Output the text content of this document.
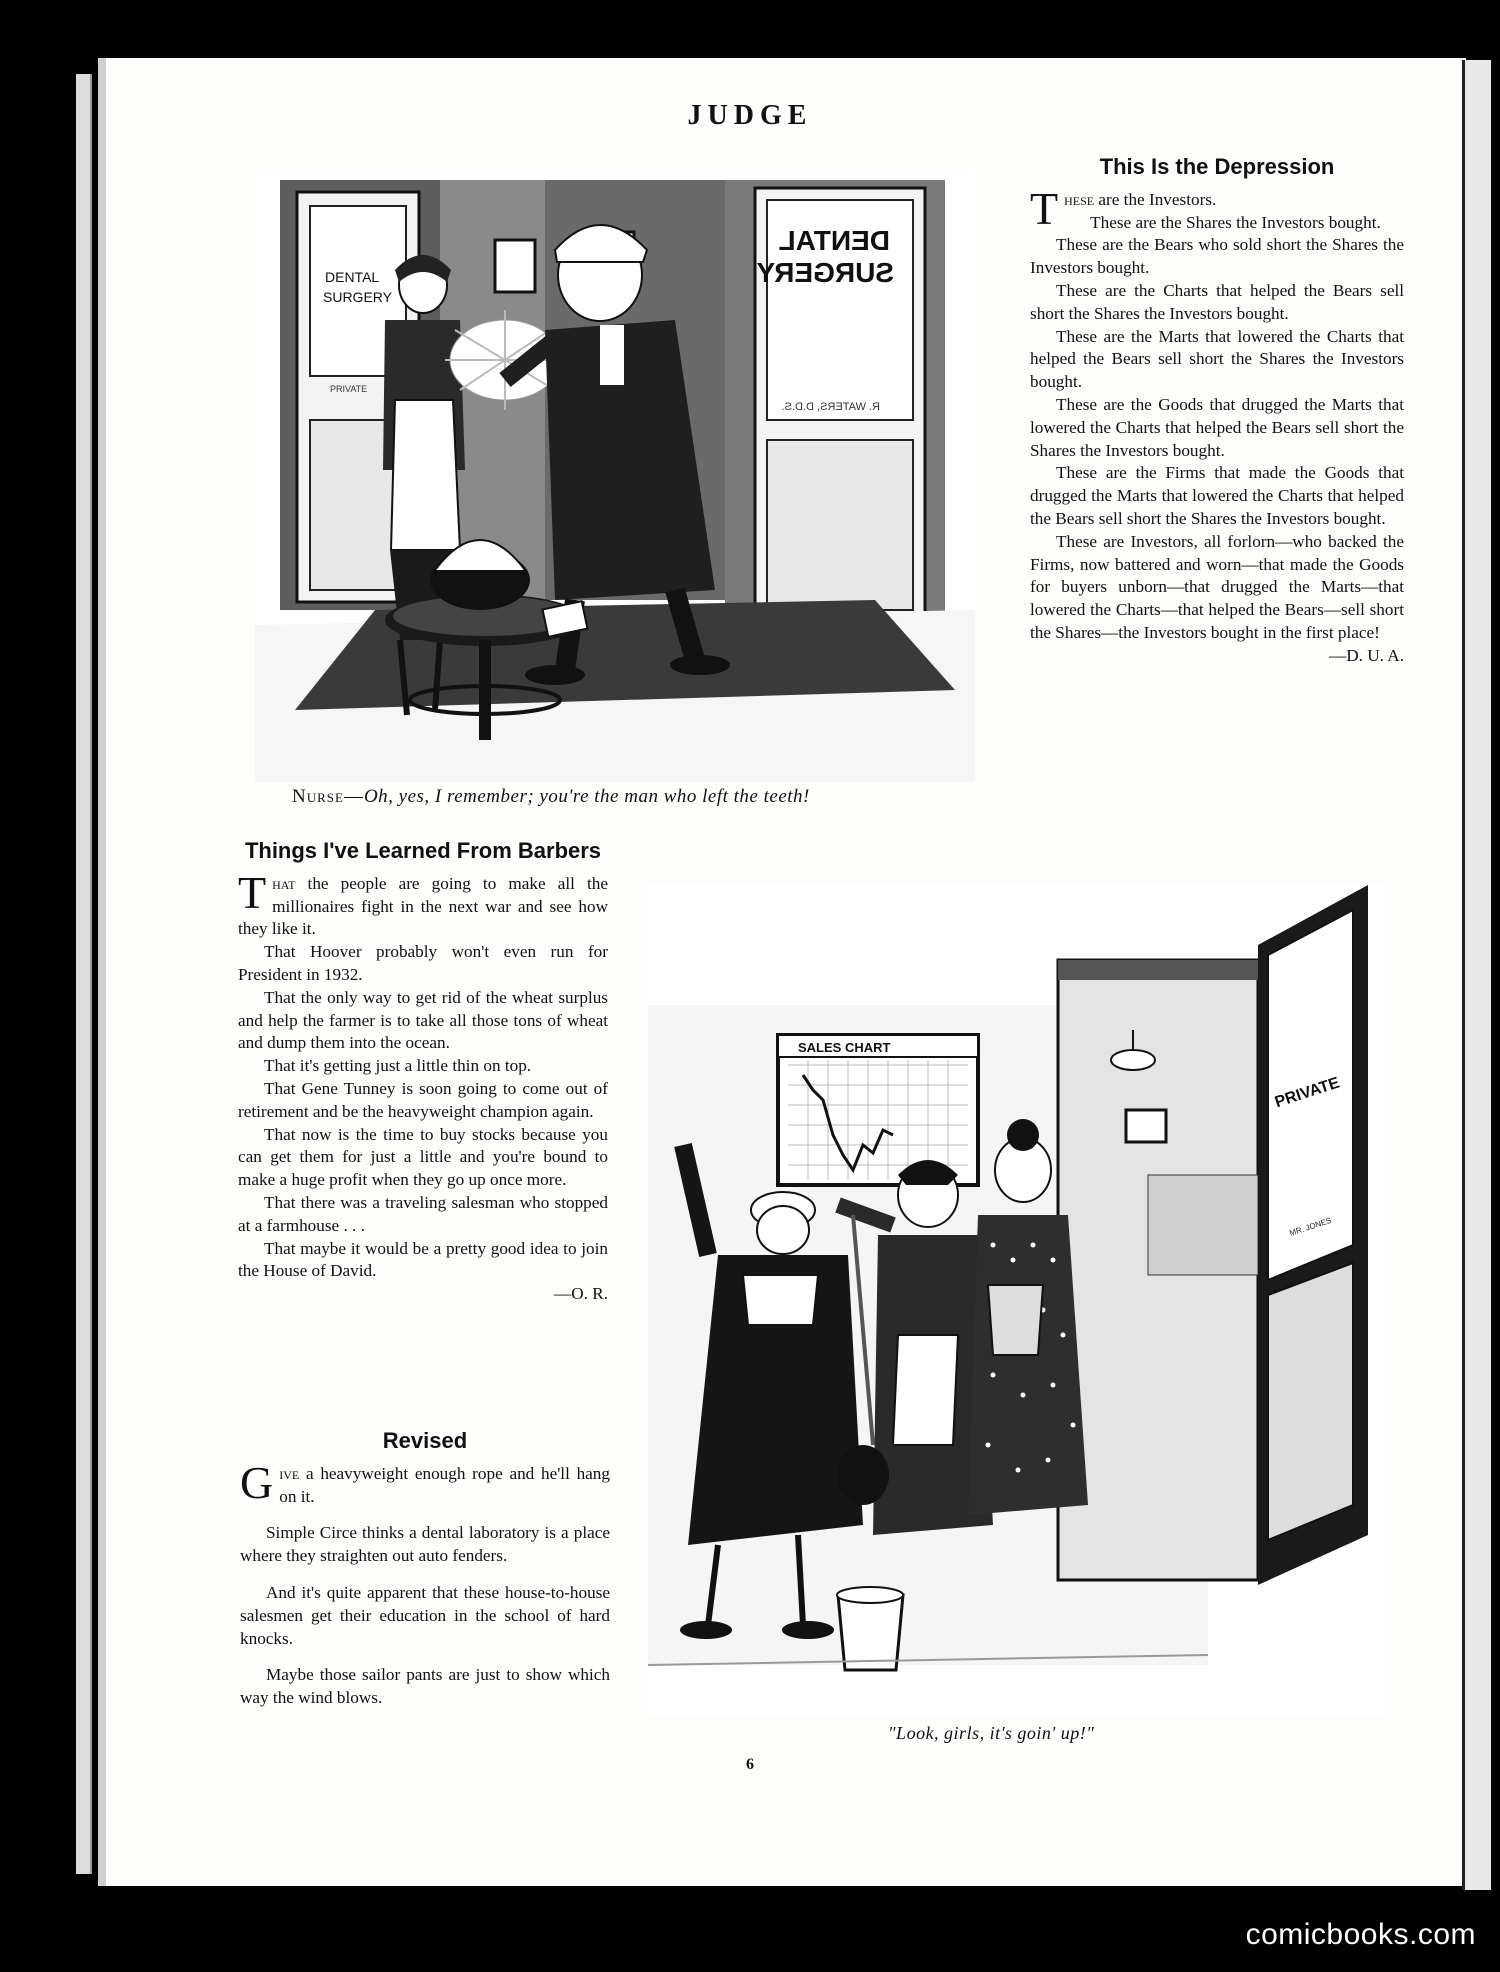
JUDGE
DENTAL
SURGERY
PRIVATE
DENTAL
SURGERY
R. WATERS, D.D.S.
Nurse—Oh, yes, I remember; you're the man who left the teeth!
This Is the Depression

These are the Investors.

These are the Shares the Investors bought.

These are the Bears who sold short the Shares the Investors bought.

These are the Charts that helped the Bears sell short the Shares the Investors bought.

These are the Marts that lowered the Charts that helped the Bears sell short the Shares the Investors bought.

These are the Goods that drugged the Marts that lowered the Charts that helped the Bears sell short the Shares the Investors bought.

These are the Firms that made the Goods that drugged the Marts that lowered the Charts that helped the Bears sell short the Shares the Investors bought.

These are Investors, all forlorn—who backed the Firms, now battered and worn—that made the Goods for buyers unborn—that drugged the Marts—that lowered the Charts—that helped the Bears—sell short the Shares—the Investors bought in the first place!

—D. U. A.

Things I've Learned From Barbers

That the people are going to make all the millionaires fight in the next war and see how they like it.

That Hoover probably won't even run for President in 1932.

That the only way to get rid of the wheat surplus and help the farmer is to take all those tons of wheat and dump them into the ocean.

That it's getting just a little thin on top.

That Gene Tunney is soon going to come out of retirement and be the heavyweight champion again.

That now is the time to buy stocks because you can get them for just a little and you're bound to make a huge profit when they go up once more.

That there was a traveling salesman who stopped at a farmhouse . . .

That maybe it would be a pretty good idea to join the House of David.

—O. R.

Revised

Give a heavyweight enough rope and he'll hang on it.

Simple Circe thinks a dental laboratory is a place where they straighten out auto fenders.

And it's quite apparent that these house-to-house salesmen get their education in the school of hard knocks.

Maybe those sailor pants are just to show which way the wind blows.

PRIVATE
MR. JONES
SALES CHART
"Look, girls, it's goin' up!"
6
comicbooks.com
